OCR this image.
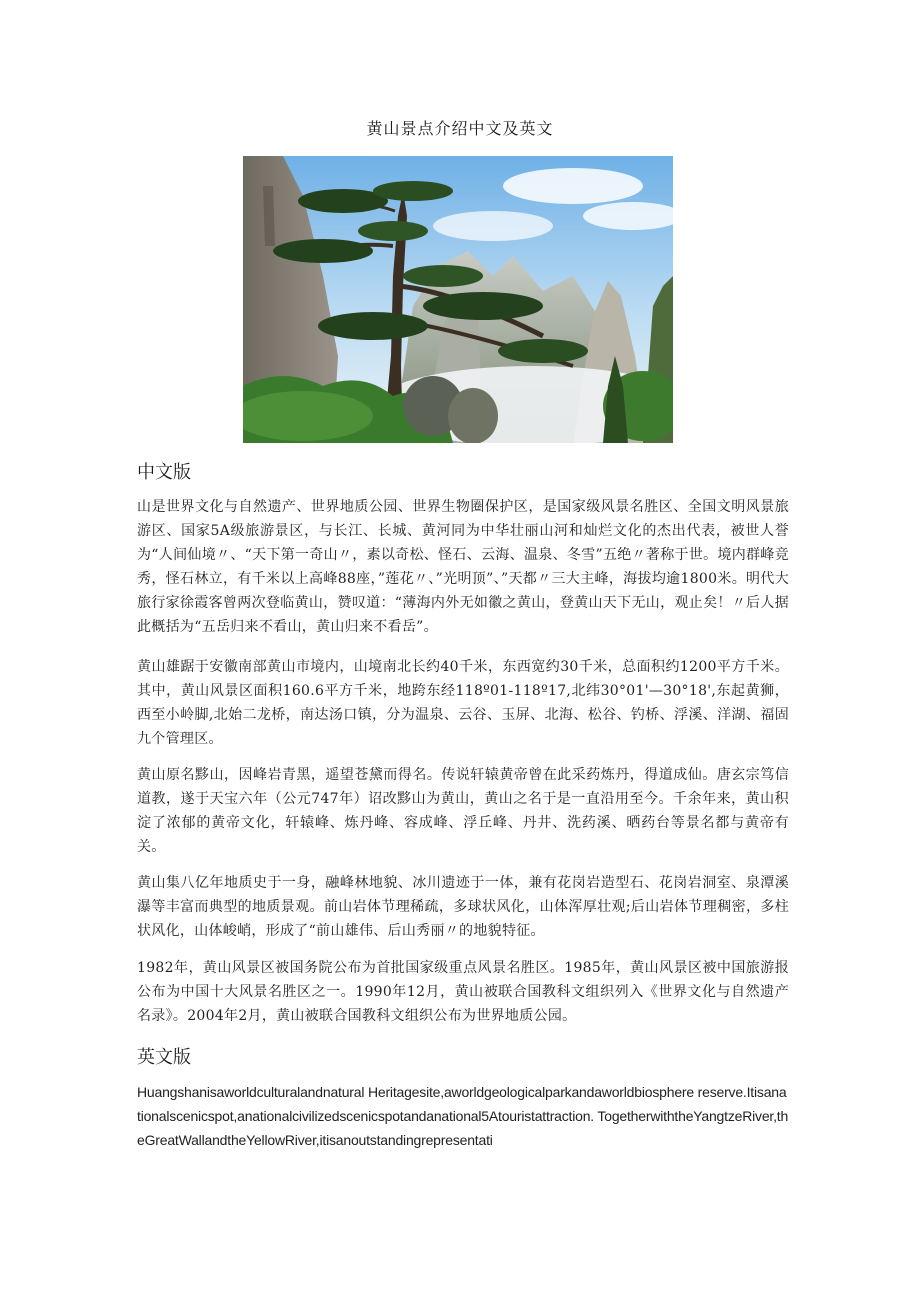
黄山景点介绍中文及英文
中文版

山是世界文化与自然遗产、世界地质公园、世界生物圈保护区，是国家级风景名胜区、全国文明风景旅游区、国家5A级旅游景区，与长江、长城、黄河同为中华壮丽山河和灿烂文化的杰出代表，被世人誉为“人间仙境〃、“天下第一奇山〃，素以奇松、怪石、云海、温泉、冬雪”五绝〃著称于世。境内群峰竞秀，怪石林立，有千米以上高峰88座，”莲花〃、”光明顶”、”天都〃三大主峰，海拔均逾1800米。明代大旅行家徐霞客曾两次登临黄山，赞叹道：“薄海内外无如徽之黄山，登黄山天下无山，观止矣！〃后人据此概括为“五岳归来不看山，黄山归来不看岳”。

黄山雄踞于安徽南部黄山市境内，山境南北长约40千米，东西宽约30千米，总面积约1200平方千米。其中，黄山风景区面积160.6平方千米，地跨东经118º01-118º17,北纬30°01'—30°18',东起黄狮，西至小岭脚,北始二龙桥，南达汤口镇，分为温泉、云谷、玉屏、北海、松谷、钓桥、浮溪、洋湖、福固九个管理区。

黄山原名黟山，因峰岩青黑，遥望苍黛而得名。传说轩辕黄帝曾在此采药炼丹，得道成仙。唐玄宗笃信道教，遂于天宝六年（公元747年）诏改黟山为黄山，黄山之名于是一直沿用至今。千余年来，黄山积淀了浓郁的黄帝文化，轩辕峰、炼丹峰、容成峰、浮丘峰、丹井、洗药溪、晒药台等景名都与黄帝有关。

黄山集八亿年地质史于一身，融峰林地貌、冰川遗迹于一体，兼有花岗岩造型石、花岗岩洞室、泉潭溪瀑等丰富而典型的地质景观。前山岩体节理稀疏，多球状风化，山体浑厚壮观;后山岩体节理稠密，多柱状风化，山体峻峭，形成了“前山雄伟、后山秀丽〃的地貌特征。

1982年，黄山风景区被国务院公布为首批国家级重点风景名胜区。1985年，黄山风景区被中国旅游报公布为中国十大风景名胜区之一。1990年12月，黄山被联合国教科文组织列入《世界文化与自然遗产名录》。2004年2月，黄山被联合国教科文组织公布为世界地质公园。

英文版

Huangshanisaworldculturalandnatural Heritagesite,aworldgeologicalparkandaworldbiosphere reserve.Itisanationalscenicspot,anationalcivilizedscenicspotandanational5Atouristattraction. TogetherwiththeYangtzeRiver,theGreatWallandtheYellowRiver,itisanoutstandingrepresentati
